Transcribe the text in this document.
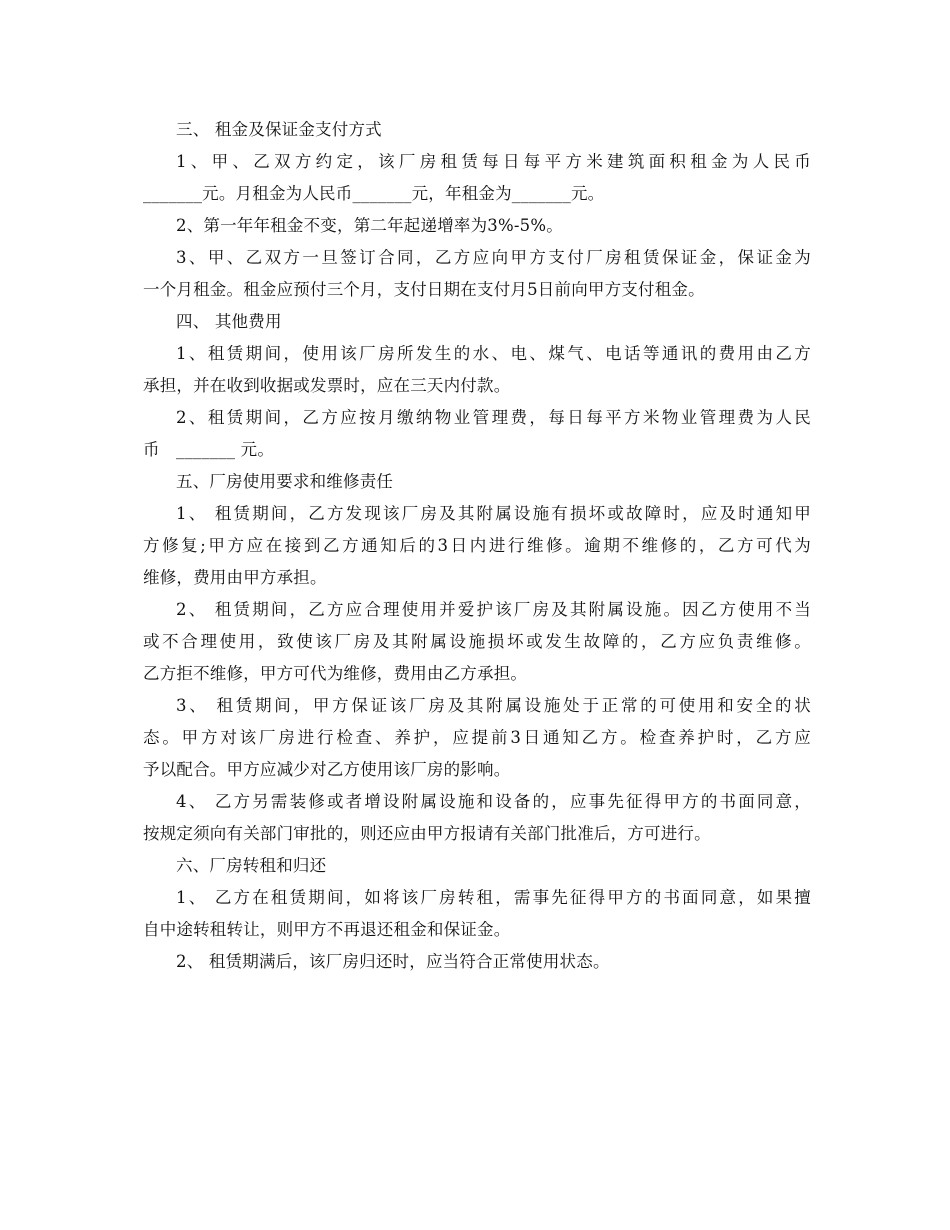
三、 租金及保证金支付方式
1、甲、乙双方约定，该厂房租赁每日每平方米建筑面积租金为人民币
_______元。月租金为人民币_______元，年租金为_______元。
2、第一年年租金不变，第二年起递增率为3%-5%。
3、甲、乙双方一旦签订合同，乙方应向甲方支付厂房租赁保证金，保证金为
一个月租金。租金应预付三个月，支付日期在支付月5日前向甲方支付租金。
四、 其他费用
1、租赁期间，使用该厂房所发生的水、电、煤气、电话等通讯的费用由乙方
承担，并在收到收据或发票时，应在三天内付款。
2、租赁期间，乙方应按月缴纳物业管理费，每日每平方米物业管理费为人民
币   _______ 元。
五、厂房使用要求和维修责任
1、 租赁期间，乙方发现该厂房及其附属设施有损坏或故障时，应及时通知甲
方修复;甲方应在接到乙方通知后的3日内进行维修。逾期不维修的，乙方可代为
维修，费用由甲方承担。
2、 租赁期间，乙方应合理使用并爱护该厂房及其附属设施。因乙方使用不当
或不合理使用，致使该厂房及其附属设施损坏或发生故障的，乙方应负责维修。
乙方拒不维修，甲方可代为维修，费用由乙方承担。
3、 租赁期间，甲方保证该厂房及其附属设施处于正常的可使用和安全的状
态。甲方对该厂房进行检查、养护，应提前3日通知乙方。检查养护时，乙方应
予以配合。甲方应减少对乙方使用该厂房的影响。
4、 乙方另需装修或者增设附属设施和设备的，应事先征得甲方的书面同意，
按规定须向有关部门审批的，则还应由甲方报请有关部门批准后，方可进行。
六、厂房转租和归还
1、 乙方在租赁期间，如将该厂房转租，需事先征得甲方的书面同意，如果擅
自中途转租转让，则甲方不再退还租金和保证金。
2、 租赁期满后，该厂房归还时，应当符合正常使用状态。
